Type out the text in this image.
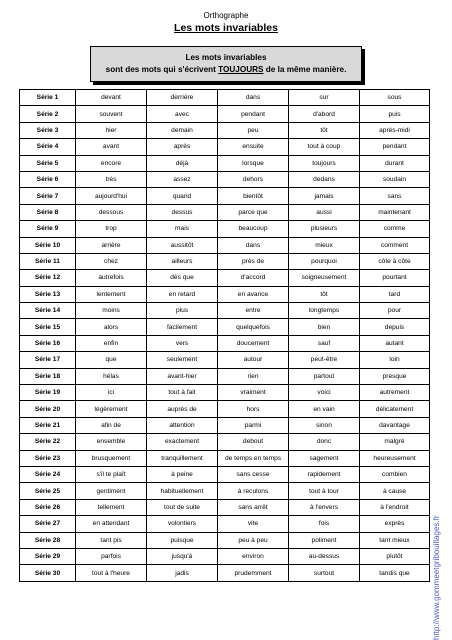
Orthographe
Les mots invariables
Les mots invariables
sont des mots qui s'écrivent TOUJOURS de la même manière.
Série 1	devant	derrière	dans	sur	sous
Série 2	souvent	avec	pendant	d'abord	puis
Série 3	hier	demain	peu	tôt	après-midi
Série 4	avant	après	ensuite	tout à coup	pendant
Série 5	encore	déjà	lorsque	toujours	durant
Série 6	très	assez	dehors	dedans	soudain
Série 7	aujourd'hui	quand	bientôt	jamais	sans
Série 8	dessous	dessus	parce que	aussi	maintenant
Série 9	trop	mais	beaucoup	plusieurs	comme
Série 10	arrière	aussitôt	dans	mieux	comment
Série 11	chez	ailleurs	près de	pourquoi	côte à côte
Série 12	autrefois	dès que	d'accord	soigneusement	pourtant
Série 13	lentement	en retard	en avance	tôt	tard
Série 14	moins	plus	entre	longtemps	pour
Série 15	alors	facilement	quelquefois	bien	depuis
Série 16	enfin	vers	doucement	sauf	autant
Série 17	que	seulement	autour	peut-être	loin
Série 18	hélas	avant-hier	rien	partout	presque
Série 19	ici	tout à fait	vraiment	voici	autrement
Série 20	légèrement	auprès de	hors	en vain	délicatement
Série 21	afin de	attention	parmi	sinon	davantage
Série 22	ensemble	exactement	debout	donc	malgré
Série 23	brusquement	tranquillement	de temps en temps	sagement	heureusement
Série 24	s'il te plaît	à peine	sans cesse	rapidement	combien
Série 25	gentiment	habituellement	à reculons	tout à tour	à cause
Série 26	tellement	tout de suite	sans arrêt	à l'envers	à l'endroit
Série 27	en attendant	volontiers	vite	fois	exprès
Série 28	tant pis	puisque	peu à peu	poliment	tant mieux
Série 29	parfois	jusqu'à	environ	au-dessus	plutôt
Série 30	tout à l'heure	jadis	prudemment	surtout	tandis que	http://www.gommeetgribouillages.fr
